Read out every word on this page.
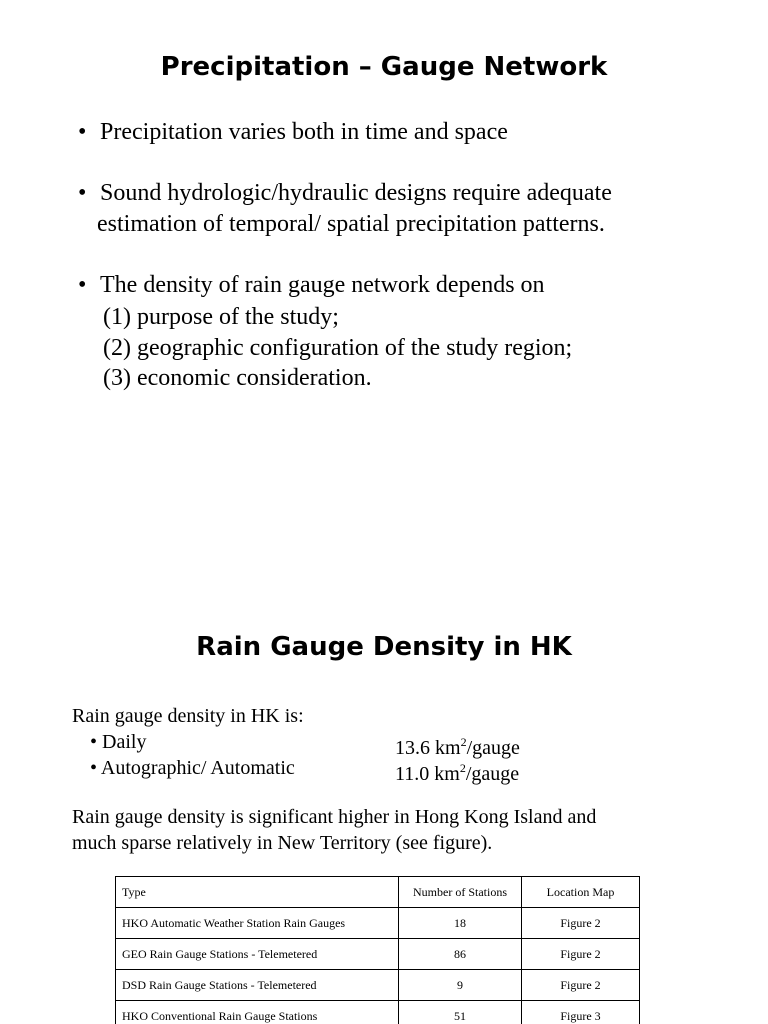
Precipitation – Gauge Network
• Precipitation varies both in time and space
• Sound hydrologic/hydraulic designs require adequate
estimation of temporal/ spatial precipitation patterns.
• The density of rain gauge network depends on
(1) purpose of the study;
(2) geographic configuration of the study region;
(3) economic consideration.
Rain Gauge Density in HK
Rain gauge density in HK is:
• Daily	13.6 $km^2$/gauge
• Autographic/ Automatic	11.0 $km^2$/gauge
Rain gauge density is significant higher in Hong Kong Island and
much sparse relatively in New Territory (see figure).
Type	Number of Stations	Location Map
HKO Automatic Weather Station Rain Gauges	18	Figure 2
GEO Rain Gauge Stations - Telemetered	86	Figure 2
DSD Rain Gauge Stations - Telemetered	9	Figure 2
HKO Conventional Rain Gauge Stations	51	Figure 3
